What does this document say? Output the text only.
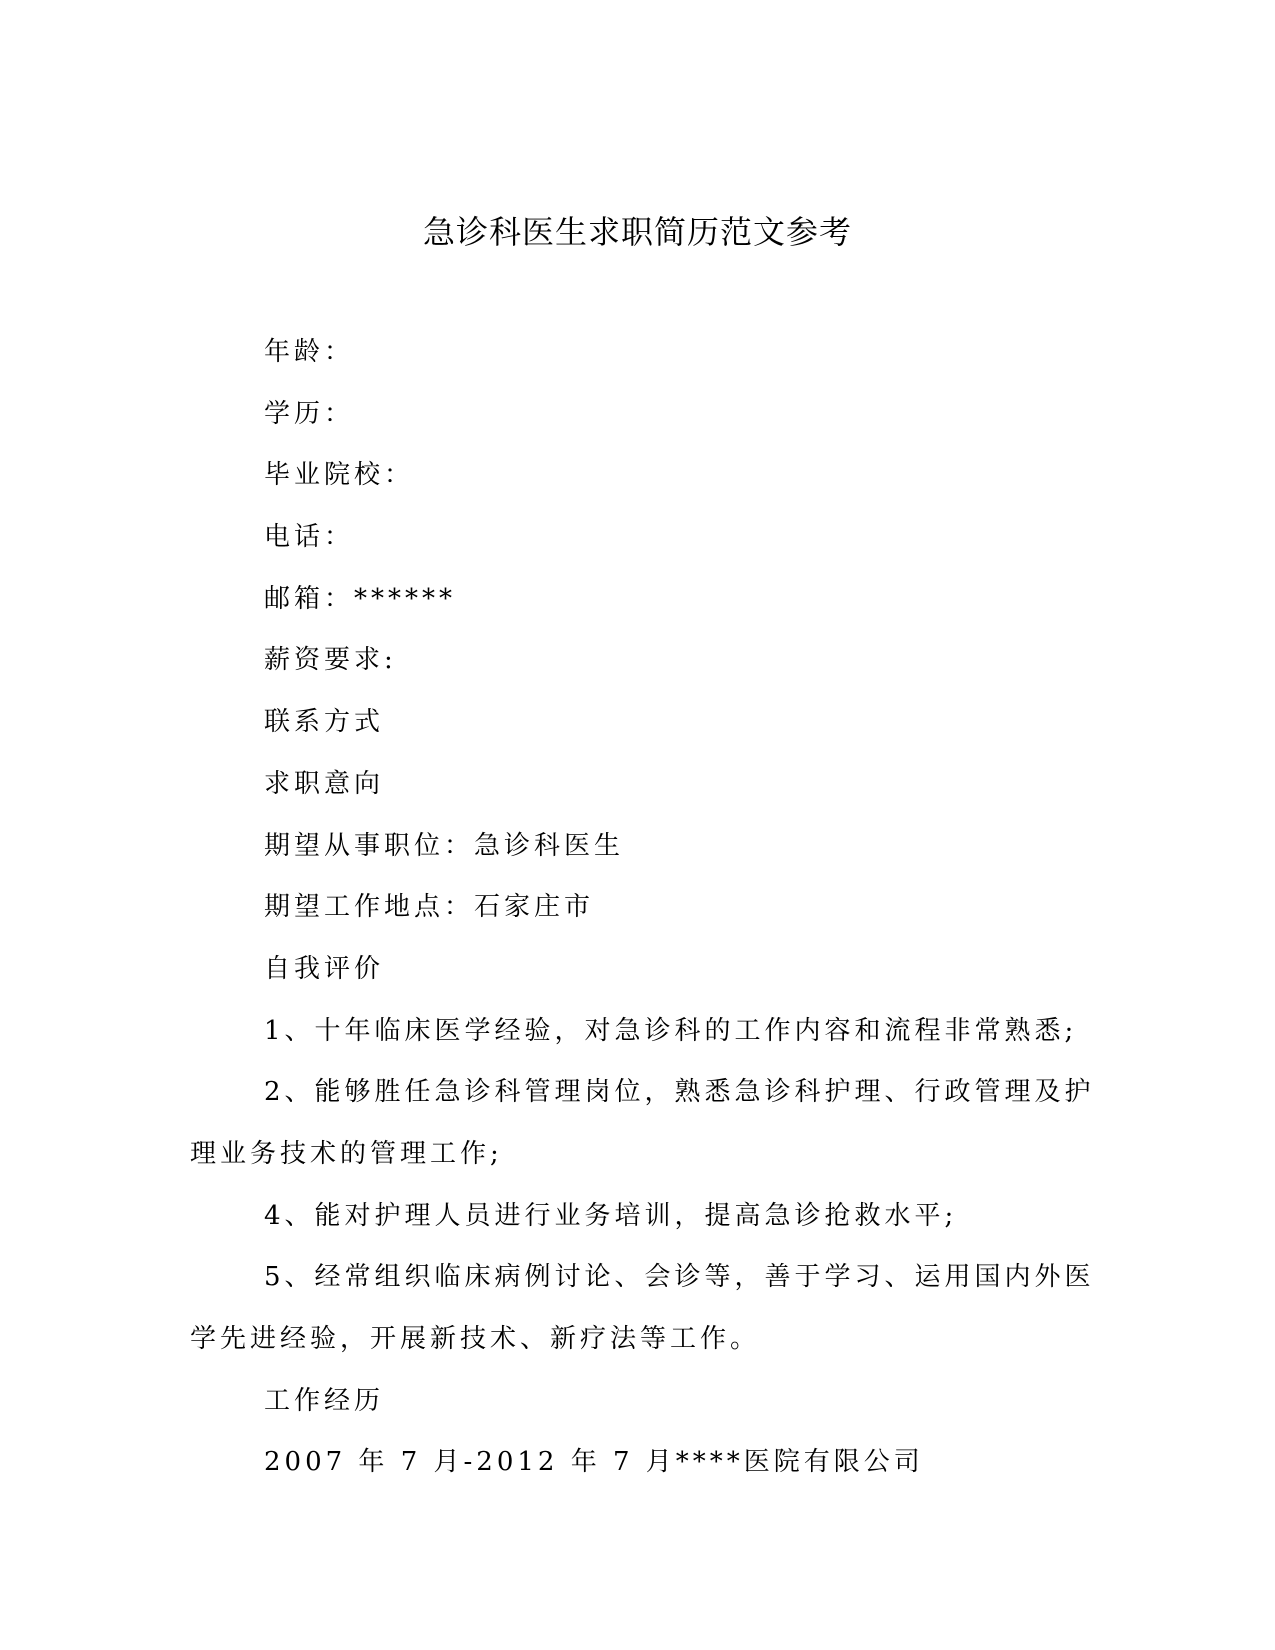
急诊科医生求职简历范文参考

年龄：

学历：

毕业院校：

电话：

邮箱：******

薪资要求:

联系方式

求职意向

期望从事职位：急诊科医生

期望工作地点：石家庄市

自我评价

1、十年临床医学经验，对急诊科的工作内容和流程非常熟悉;

2、能够胜任急诊科管理岗位，熟悉急诊科护理、行政管理及护

理业务技术的管理工作;

4、能对护理人员进行业务培训，提高急诊抢救水平;

5、经常组织临床病例讨论、会诊等，善于学习、运用国内外医

学先进经验，开展新技术、新疗法等工作。

工作经历

2007 年 7 月-2012 年 7 月****医院有限公司
